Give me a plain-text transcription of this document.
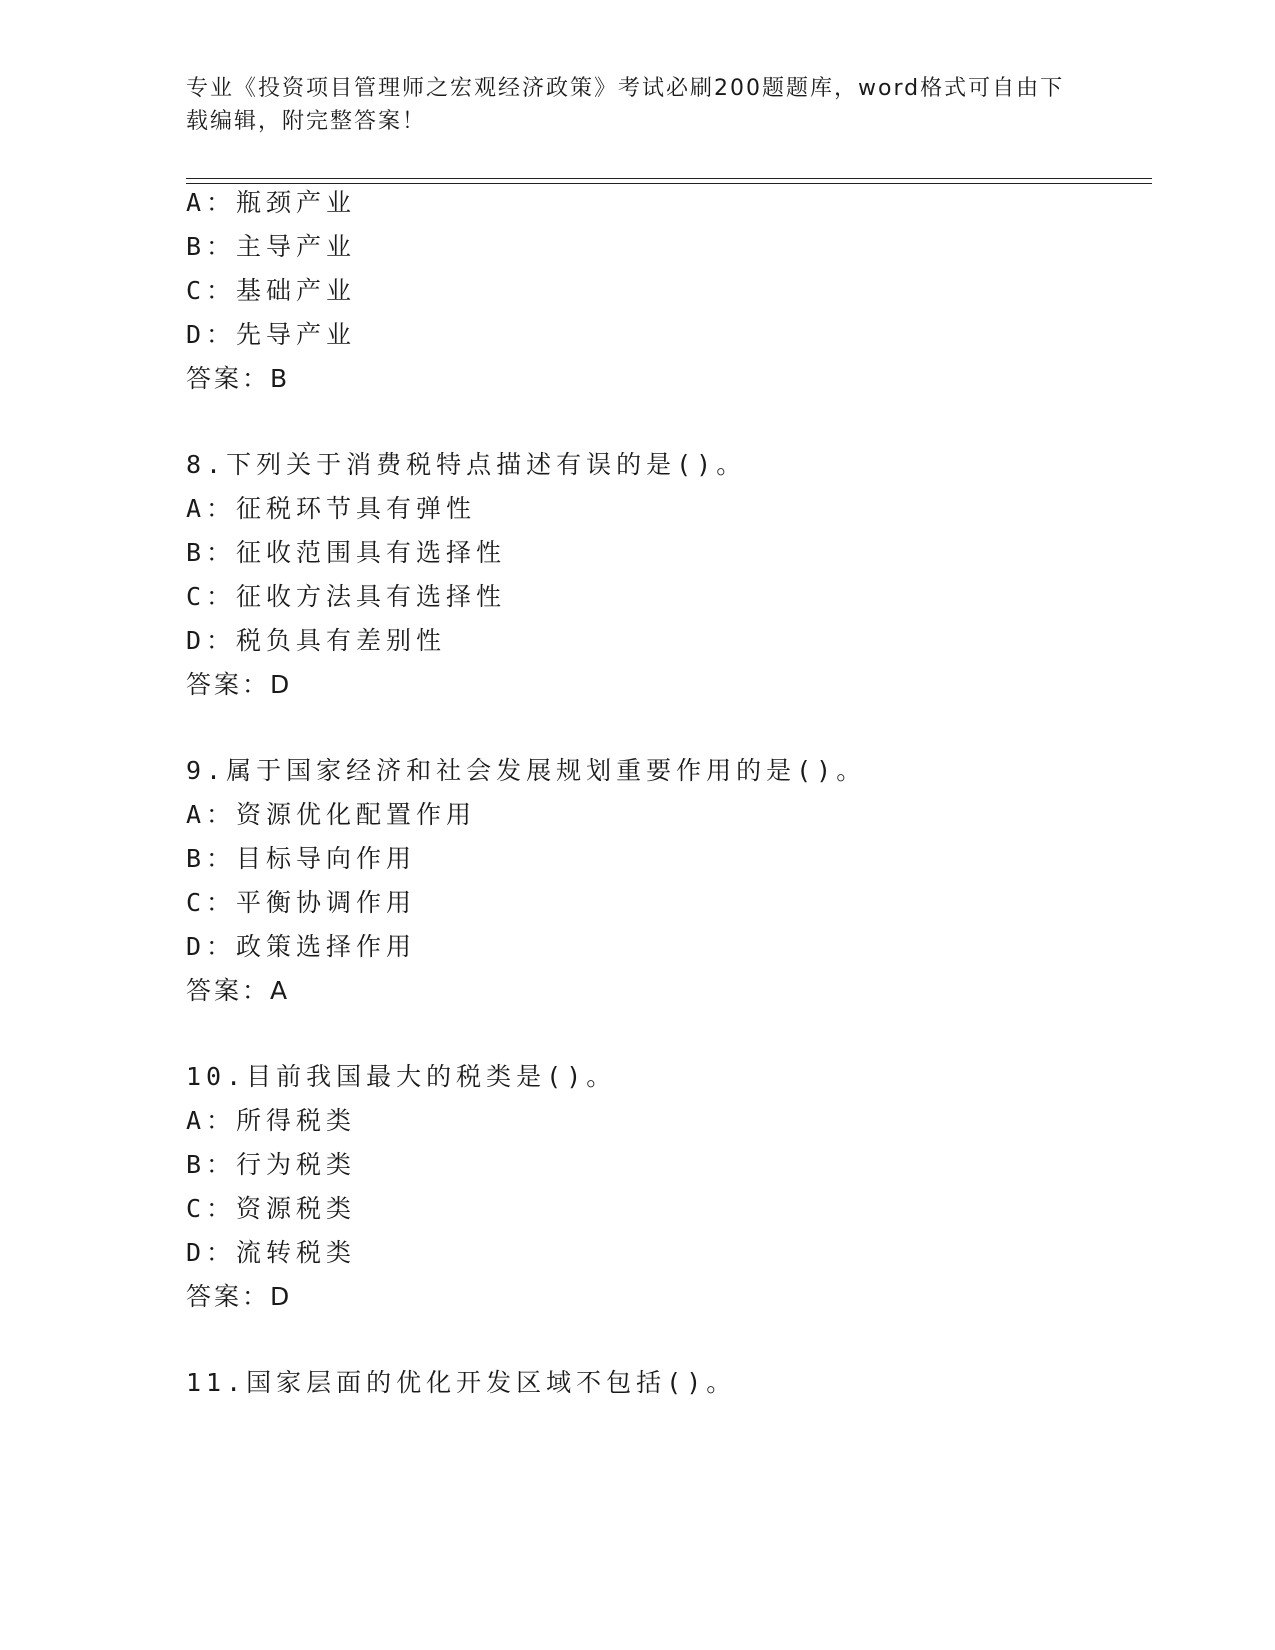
专业《投资项目管理师之宏观经济政策》考试必刷200题题库，word格式可自由下载编辑，附完整答案！
A：瓶颈产业
B：主导产业
C：基础产业
D：先导产业
答案：B
8.下列关于消费税特点描述有误的是()。
A：征税环节具有弹性
B：征收范围具有选择性
C：征收方法具有选择性
D：税负具有差别性
答案：D
9.属于国家经济和社会发展规划重要作用的是()。
A：资源优化配置作用
B：目标导向作用
C：平衡协调作用
D：政策选择作用
答案：A
10.目前我国最大的税类是()。
A：所得税类
B：行为税类
C：资源税类
D：流转税类
答案：D
11.国家层面的优化开发区域不包括()。
